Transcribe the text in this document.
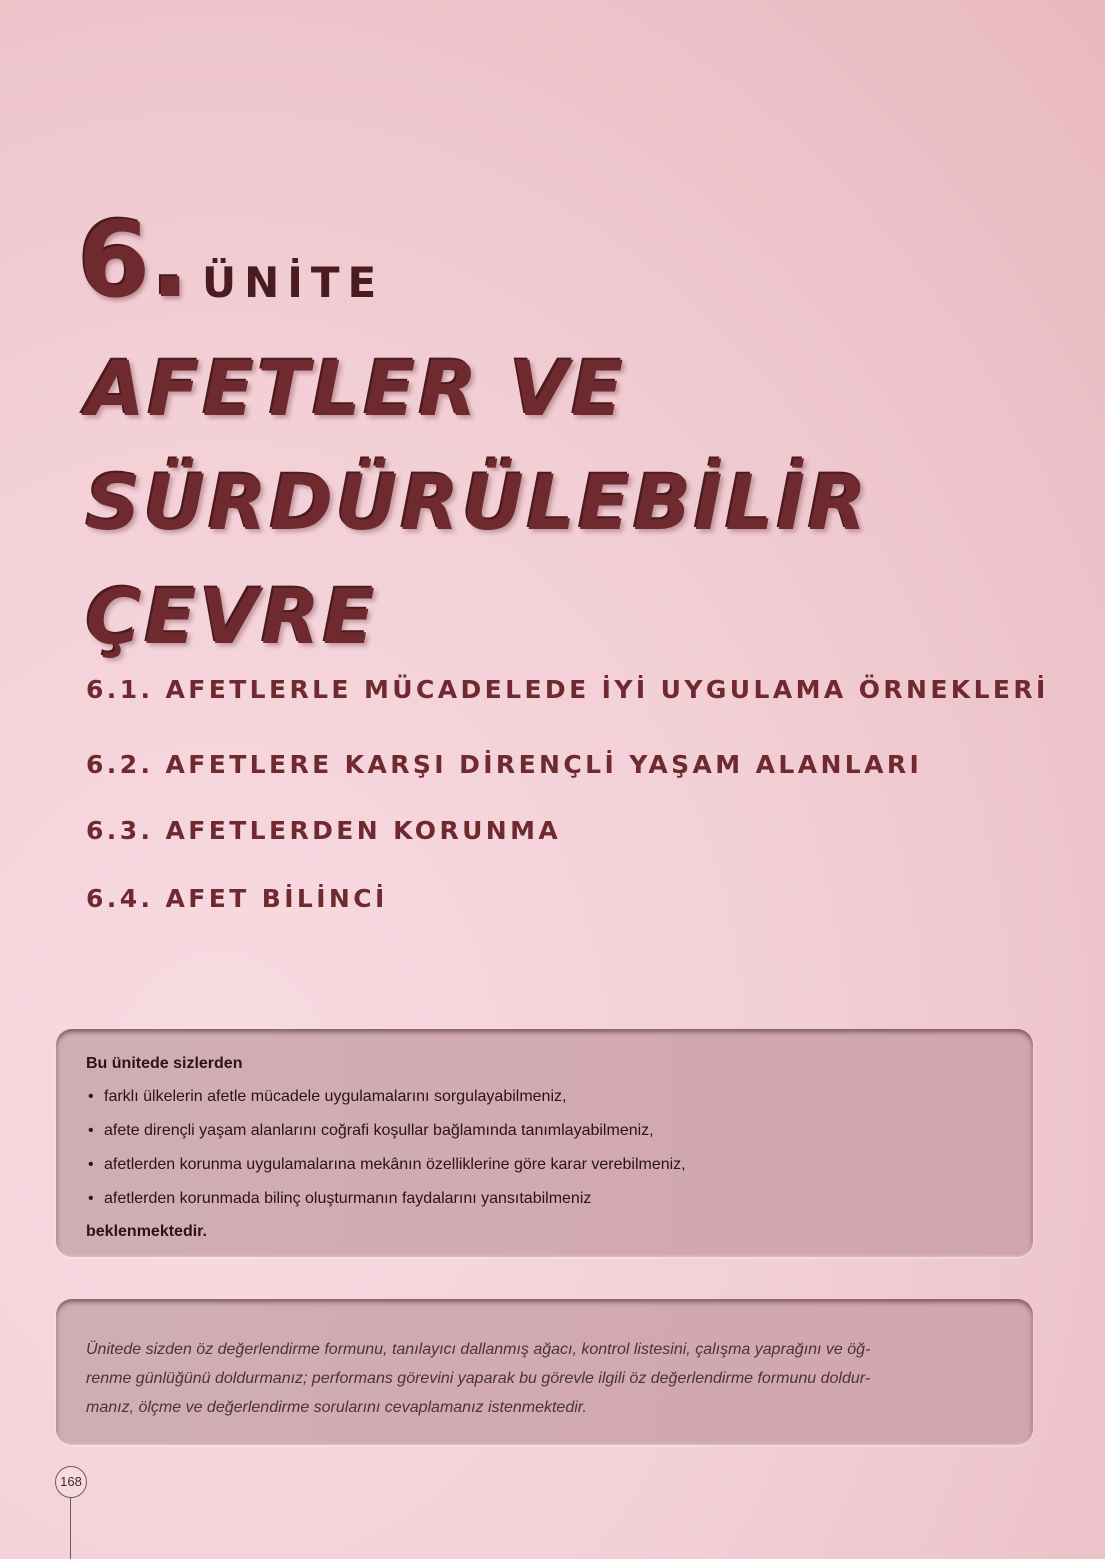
6. ÜNİTE
AFETLER VE
SÜRDÜRÜLEBİLİR
ÇEVRE
6.1. AFETLERLE MÜCADELEDE İYİ UYGULAMA ÖRNEKLERİ
6.2. AFETLERE KARŞI DİRENÇLİ YAŞAM ALANLARI
6.3. AFETLERDEN KORUNMA
6.4. AFET BİLİNCİ
Bu ünitede sizlerden
• farklı ülkelerin afetle mücadele uygulamalarını sorgulayabilmeniz,
• afete dirençli yaşam alanlarını coğrafi koşullar bağlamında tanımlayabilmeniz,
• afetlerden korunma uygulamalarına mekânın özelliklerine göre karar verebilmeniz,
• afetlerden korunmada bilinç oluşturmanın faydalarını yansıtabilmeniz
beklenmektedir.
Ünitede sizden öz değerlendirme formunu, tanılayıcı dallanmış ağacı, kontrol listesini, çalışma yaprağını ve öğ-
renme günlüğünü doldurmanız; performans görevini yaparak bu görevle ilgili öz değerlendirme formunu doldur-
manız, ölçme ve değerlendirme sorularını cevaplamanız istenmektedir.
168
